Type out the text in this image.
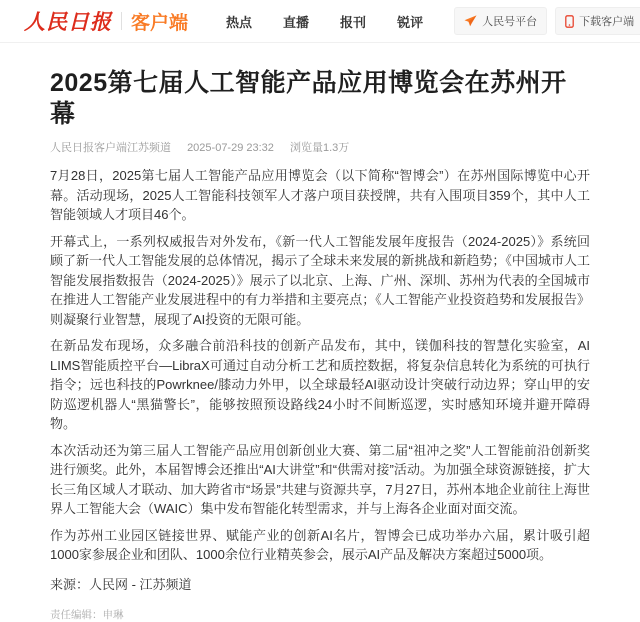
人民日报 客户端	热点 直播 报刊 锐评	人民号平台	下载客户端
2025第七届人工智能产品应用博览会在苏州开幕
人民日报客户端江苏频道 2025-07-29 23:32 浏览量1.3万

7月28日，2025第七届人工智能产品应用博览会（以下简称“智博会”）在苏州国际博览中心开幕。活动现场，2025人工智能科技领军人才落户项目获授牌，共有入围项目359个，其中人工智能领域人才项目46个。

开幕式上，一系列权威报告对外发布，《新一代人工智能发展年度报告（2024-2025）》系统回顾了新一代人工智能发展的总体情况，揭示了全球未来发展的新挑战和新趋势；《中国城市人工智能发展指数报告（2024-2025）》展示了以北京、上海、广州、深圳、苏州为代表的全国城市在推进人工智能产业发展进程中的有力举措和主要亮点；《人工智能产业投资趋势和发展报告》则凝聚行业智慧，展现了AI投资的无限可能。

在新品发布现场，众多融合前沿科技的创新产品发布，其中，镁伽科技的智慧化实验室，AI LIMS智能质控平台—LibraX可通过自动分析工艺和质控数据，将复杂信息转化为系统的可执行指令；远也科技的Powrknee/膝动力外甲，以全球最轻AI驱动设计突破行动边界；穿山甲的安防巡逻机器人“黑猫警长”，能够按照预设路线24小时不间断巡逻，实时感知环境并避开障碍物。

本次活动还为第三届人工智能产品应用创新创业大赛、第二届“祖冲之奖”人工智能前沿创新奖进行颁奖。此外，本届智博会还推出“AI大讲堂”和“供需对接”活动。为加强全球资源链接，扩大长三角区域人才联动、加大跨省市“场景”共建与资源共享，7月27日，苏州本地企业前往上海世界人工智能大会（WAIC）集中发布智能化转型需求，并与上海各企业面对面交流。

作为苏州工业园区链接世界、赋能产业的创新AI名片，智博会已成功举办六届，累计吸引超1000家参展企业和团队、1000余位行业精英参会，展示AI产品及解决方案超过5000项。

来源：人民网 - 江苏频道
责任编辑：申琳
